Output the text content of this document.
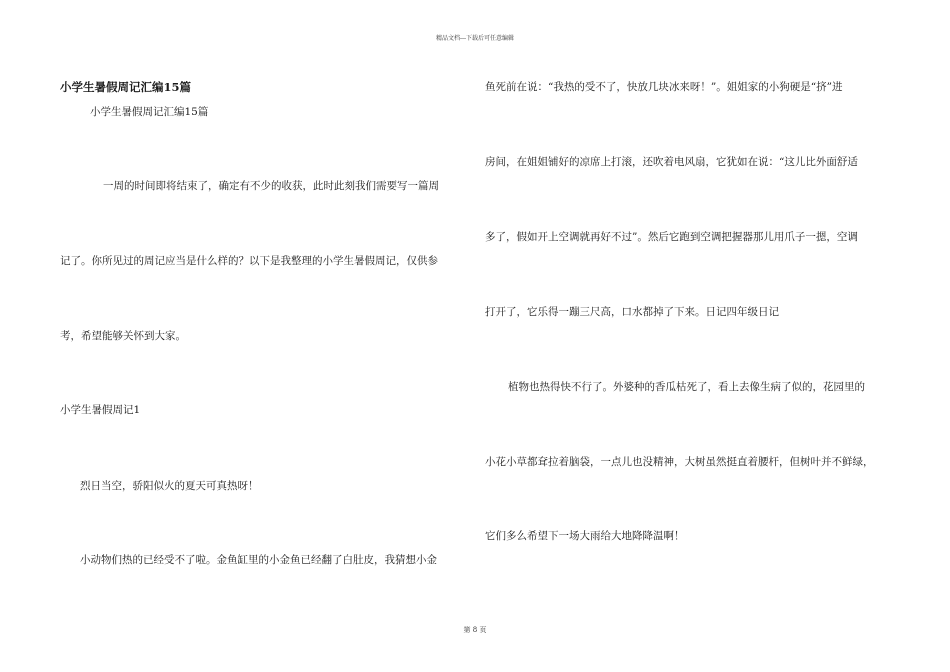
精品文档---下载后可任意编辑
小学生暑假周记汇编15篇
小学生暑假周记汇编15篇
一周的时间即将结束了，确定有不少的收获，此时此刻我们需要写一篇周
记了。你所见过的周记应当是什么样的？以下是我整理的小学生暑假周记，仅供参
考，希望能够关怀到大家。
小学生暑假周记1
烈日当空，骄阳似火的夏天可真热呀！
小动物们热的已经受不了啦。金鱼缸里的小金鱼已经翻了白肚皮，我猜想小金
鱼死前在说：“我热的受不了，快放几块冰来呀！”。姐姐家的小狗硬是“挤”进
房间，在姐姐铺好的凉席上打滚，还吹着电风扇，它犹如在说：“这儿比外面舒适
多了，假如开上空调就再好不过”。然后它跑到空调把握器那儿用爪子一摁，空调
打开了，它乐得一蹦三尺高，口水都掉了下来。日记四年级日记
植物也热得快不行了。外婆种的香瓜枯死了，看上去像生病了似的，花园里的
小花小草都耷拉着脑袋，一点儿也没精神，大树虽然挺直着腰杆，但树叶并不鲜绿，
它们多么希望下一场大雨给大地降降温啊！
第 8 页
